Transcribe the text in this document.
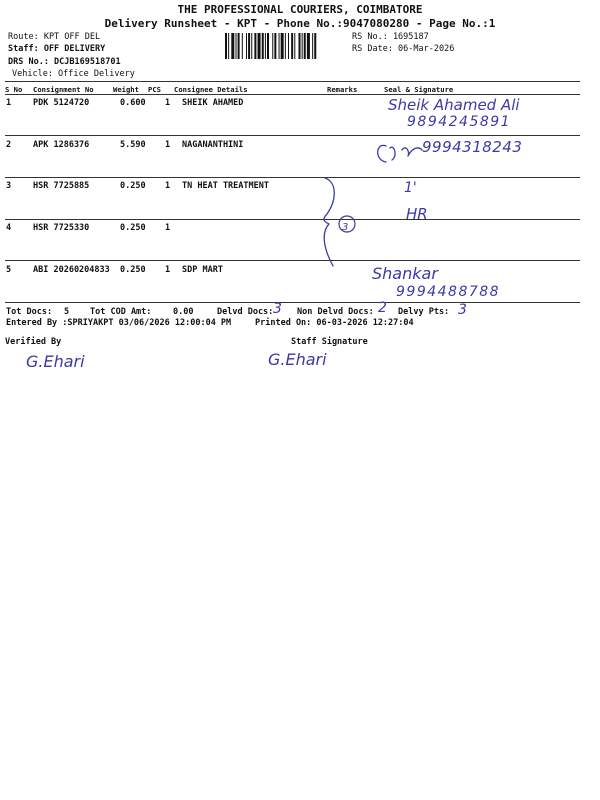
THE PROFESSIONAL COURIERS, COIMBATORE
Delivery Runsheet - KPT - Phone No.:9047080280 - Page No.:1
Route: KPT OFF DEL
Staff: OFF DELIVERY
DRS No.: DCJB169518701
Vehicle: Office Delivery
RS No.: 1695187
RS Date: 06-Mar-2026
S No Consignment No	Weight PCS Consignee Details	Remarks	Seal & Signature
1	PDK 5124720	0.600 1 SHEIK AHAMED
2	APK 1286376	5.590 1 NAGANANTHINI
3	HSR 7725885	0.250 1 TN HEAT TREATMENT
4	HSR 7725330	0.250 1
5	ABI 20260204833 0.250 1 SDP MART
Sheik Ahamed Ali
9894245891
9994318243
3
1'
HR
Shankar
9994488788
Tot Docs: 5 Tot COD Amt:	0.00	Delvd Docs: 3 Non Delvd Docs: 2 Delvy Pts: 3
Entered By :SPRIYAKPT 03/06/2026 12:00:04 PM	Printed On: 06-03-2026 12:27:04
Verified By	Staff Signature
G.Ehari	G.Ehari
